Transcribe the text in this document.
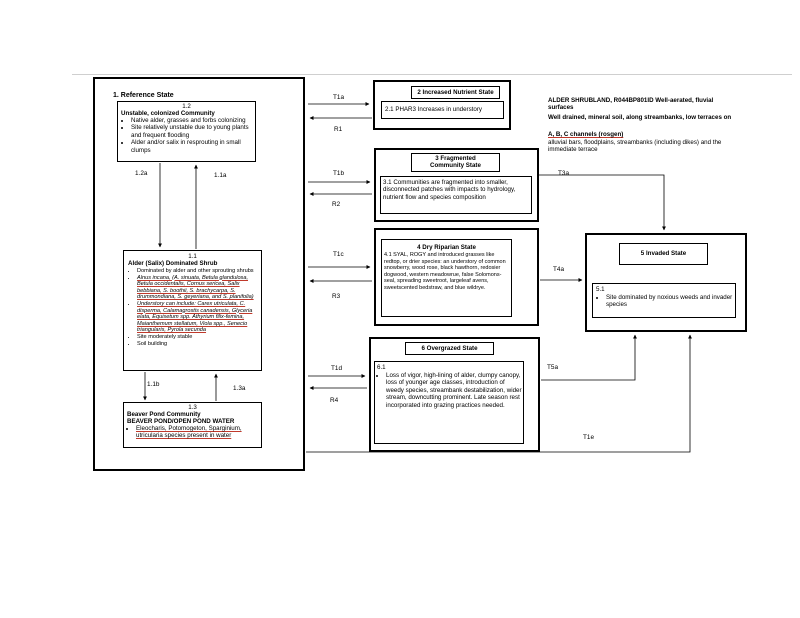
1. Reference State
1.2
Unstable, colonized Community
• Native alder, grasses and forbs colonizing
• Site relatively unstable due to young plants and frequent flooding
• Alder and/or salix in resprouting in small clumps
1.1
Alder (Salix) Dominated Shrub
• Dominated by alder and other sprouting shrubs
• Alnus incana, (A. sinuata, Betula glandulosa, Betula occidentalis, Cornus sericea, Salix bebbiana, S. boothii, S. brachycarpa, S. drummondiana, S. geyeriana, and S. planifolia)
• Understory can include: Carex utriculata, C. disperma, Calamagrostis canadensis, Glyceria elata, Equisetum spp. Athyrium filix-femina, Maianthemum stellatum, Viola spp., Senecio triangularis, Pyrola secunda
• Site moderately stable
• Soil building
1.3
Beaver Pond Community
BEAVER POND/OPEN POND WATER
• Eleocharis, Potomogeton, Sparginium, utricularia species present in water
2 Increased Nutrient State
2.1 PHAR3 Increases in understory
ALDER SHRUBLAND, R044BP801ID Well-aerated, fluvial surfaces
Well drained, mineral soil, along streambanks, low terraces on
A, B, C channels (rosgen)
alluvial bars, floodplains, streambanks (including dikes) and the immediate terrace
3 Fragmented
Community State
3.1 Communities are fragmented into smaller, disconnected patches with impacts to hydrology, nutrient flow and species composition
4 Dry Riparian State
4.1 SYAL, ROGY and introduced grasses like redtop, or drier species: an understory of common snowberry, wood rose, black hawthorn, redosier dogwood, western meadowrue, false Solomons-seal, spreading sweetroot, largeleaf avens, sweetscented bedstraw, and blue wildrye.
5 Invaded State
5.1
• Site dominated by noxious weeds and invader species
6 Overgrazed State
6.1
• Loss of vigor, high-lining of alder, clumpy canopy, loss of younger age classes, introduction of weedy species, streambank destabilization, wider stream, downcutting prominent. Late season rest incorporated into grazing practices needed.
T1a
R1
T1b
R2
T1c
R3
T1d
R4
T1e
T3a
T4a
T5a
1.2a	1.1a
1.1b
1.3a
